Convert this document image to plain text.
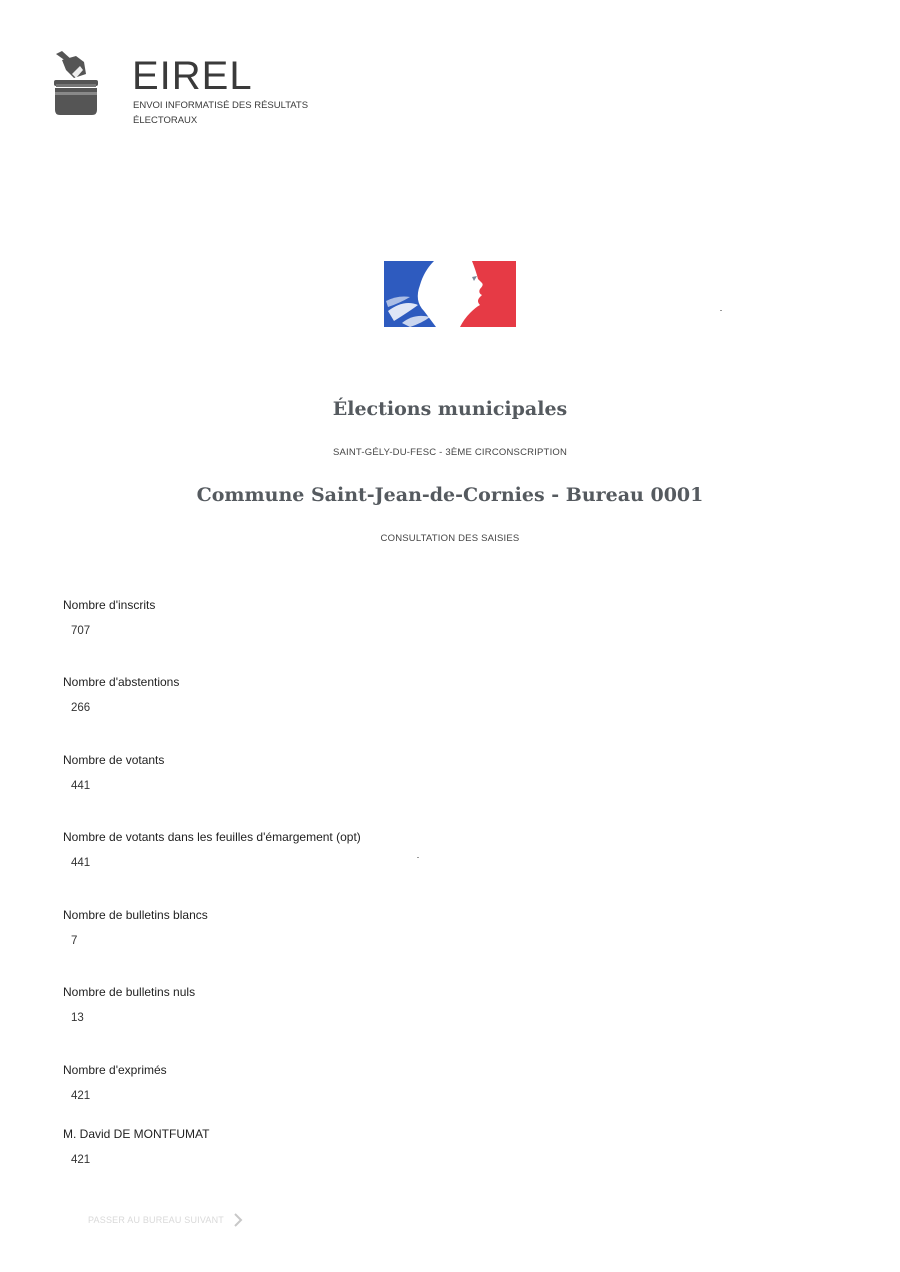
EIREL
ENVOI INFORMATISÉ DES RÉSULTATS ÉLECTORAUX
Élections municipales
SAINT-GÉLY-DU-FESC - 3ÈME CIRCONSCRIPTION
Commune Saint-Jean-de-Cornies - Bureau 0001
CONSULTATION DES SAISIES
Nombre d'inscrits
707
Nombre d'abstentions
266
Nombre de votants
441
Nombre de votants dans les feuilles d'émargement (opt)
441
Nombre de bulletins blancs
7
Nombre de bulletins nuls
13
Nombre d'exprimés
421
M. David DE MONTFUMAT
421
PASSER AU BUREAU SUIVANT
